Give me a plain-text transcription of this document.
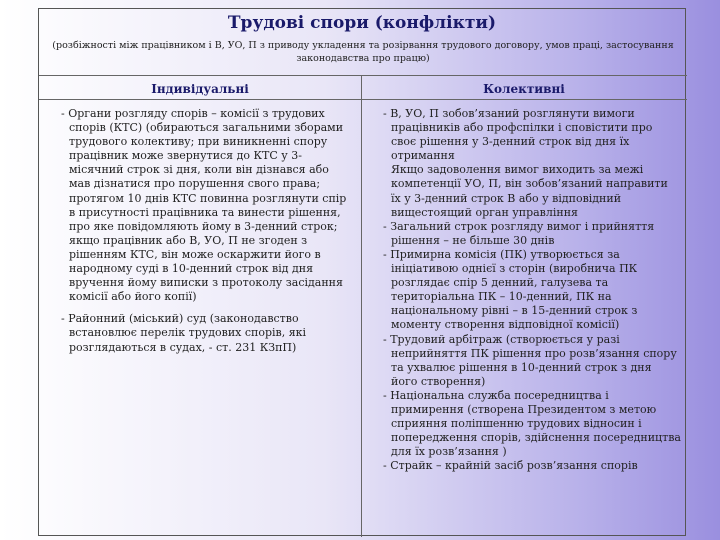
Трудові спори (конфлікти)
(розбіжності між працівником і В, УО, П з приводу укладення та розірвання трудового договору, умов праці, застосування законодавства про працю)
Індивідуальні	Колективні

- Органи розгляду спорів – комісії з трудових спорів (КТС) (обираються загальними зборами трудового колективу; при виникненні спору працівник може звернутися до КТС у 3-місячний строк зі дня, коли він дізнався або мав дізнатися про порушення свого права; протягом 10 днів КТС повинна розглянути спір в присутності працівника та винести рішення, про яке повідомляють йому в 3-денний строк; якщо працівник або В, УО, П не згоден з рішенням КТС, він може оскаржити його в народному суді в 10-денний строк від дня вручення йому виписки з протоколу засідання комісії або його копії)

- Районний (міський) суд (законодавство встановлює перелік трудових спорів, які розглядаються в судах, - ст. 231 КЗпП)

- В, УО, П зобов’язаний розглянути вимоги працівників або профспілки і сповістити про своє рішення у 3-денний строк від дня їх отримання

Якщо задоволення вимог виходить за межі компетенції УО, П, він зобов’язаний направити їх у 3-денний строк В або у відповідний вищестоящий орган управління

- Загальний строк розгляду вимог і прийняття рішення – не більше 30 днів

- Примирна комісія (ПК) утворюється за ініціативою однієї з сторін (виробнича ПК розглядає спір 5 денний, галузева та територіальна ПК – 10-денний, ПК на національному рівні – в 15-денний строк з моменту створення відповідної комісії)

- Трудовий арбітраж (створюється у разі неприйняття ПК рішення про розв’язання спору та ухвалює рішення в 10-денний строк з дня його створення)

- Національна служба посередництва і примирення (створена Президентом з метою сприяння поліпшенню трудових відносин і попередження спорів, здійснення посередництва для їх розв’язання )

- Страйк – крайній засіб розв’язання спорів
